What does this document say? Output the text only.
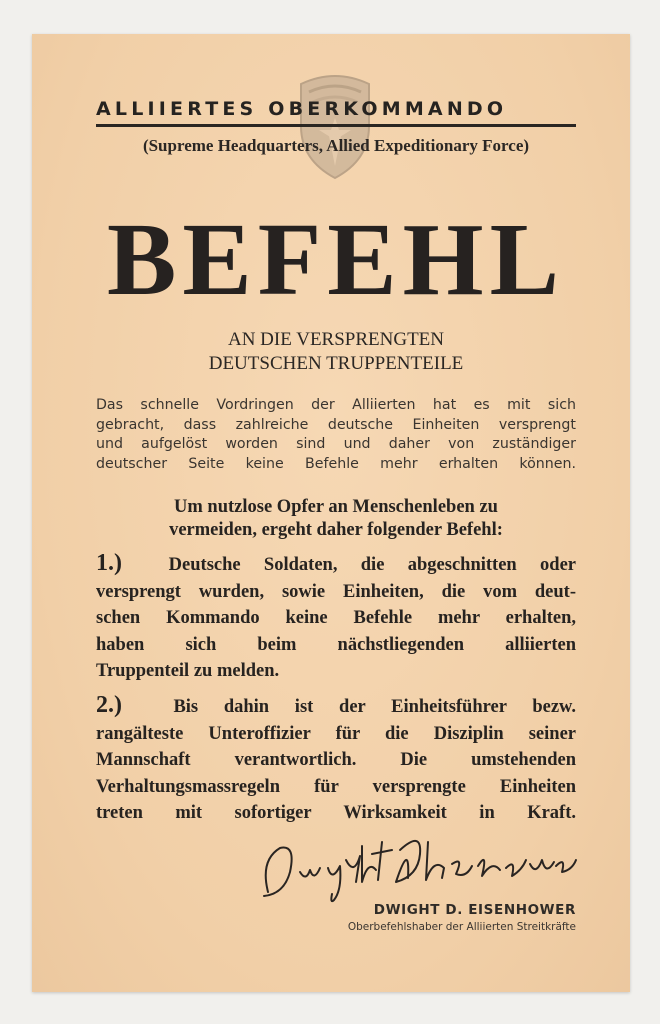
ALLIIERTES OBERKOMMANDO
(Supreme Headquarters, Allied Expeditionary Force)
BEFEHL
AN DIE VERSPRENGTEN
DEUTSCHEN TRUPPENTEILE
Das schnelle Vordringen der Alliierten hat es mit sich
gebracht, dass zahlreiche deutsche Einheiten versprengt
und aufgelöst worden sind und daher von zuständiger
deutscher Seite keine Befehle mehr erhalten können.
Um nutzlose Opfer an Menschenleben zu
vermeiden, ergeht daher folgender Befehl:
1.)	Deutsche Soldaten, die abgeschnitten oder
versprengt wurden, sowie Einheiten, die vom deut-
schen Kommando keine Befehle mehr erhalten,
haben sich beim nächstliegenden alliierten
Truppenteil zu melden.
2.)	Bis dahin ist der Einheitsführer bezw.
rangälteste Unteroffizier für die Disziplin seiner
Mannschaft verantwortlich. Die umstehenden
Verhaltungsmassregeln für versprengte Einheiten
treten mit sofortiger Wirksamkeit in Kraft.
DWIGHT D. EISENHOWER
Oberbefehlshaber der Alliierten Streitkräfte
